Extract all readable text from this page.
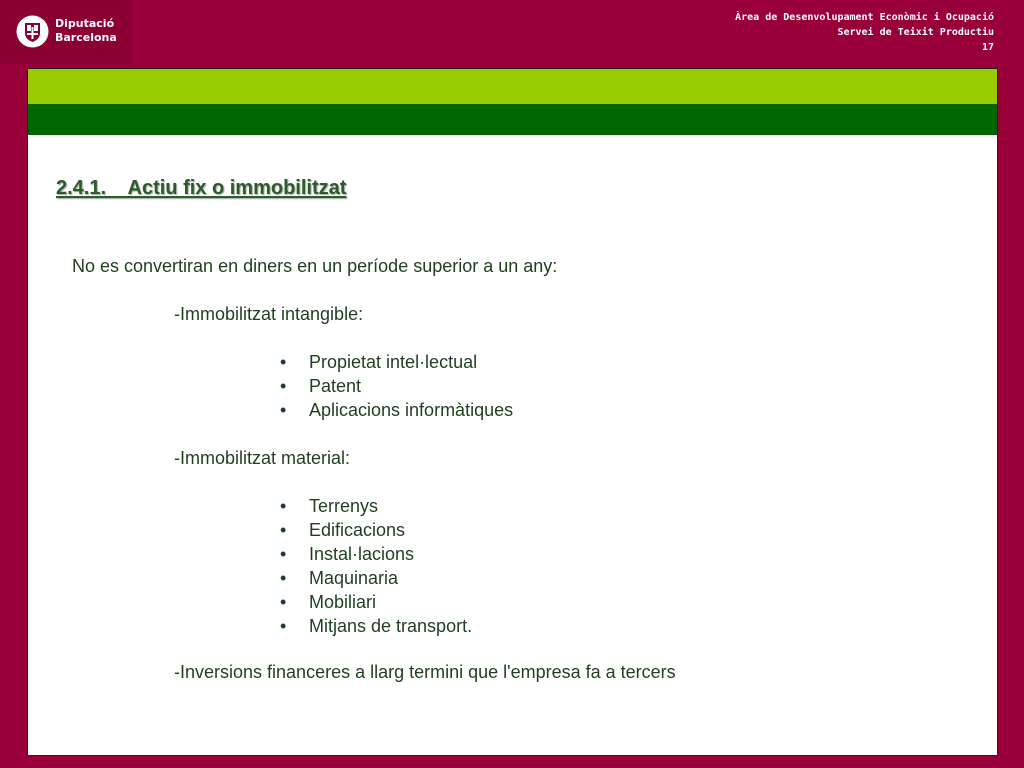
Diputació
Barcelona
Àrea de Desenvolupament Econòmic i Ocupació
Servei de Teixit Productiu
17
2.4.1.    Actiu fix o immobilitzat

No es convertiran en diners en un període superior a un any:

-Immobilitzat intangible:

• Propietat intel·lectual
• Patent
• Aplicacions informàtiques

-Immobilitzat material:

• Terrenys
• Edificacions
• Instal·lacions
• Maquinaria
• Mobiliari
• Mitjans de transport.

-Inversions financeres a llarg termini que l'empresa fa a tercers
